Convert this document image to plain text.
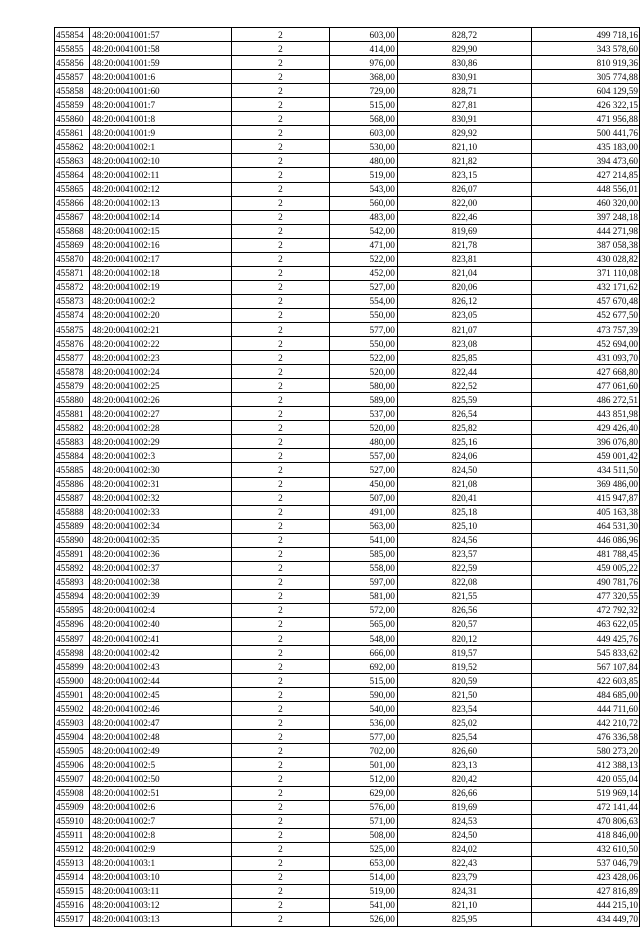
455854	48:20:0041001:57	2	603,00	828,72	499 718,16
455855	48:20:0041001:58	2	414,00	829,90	343 578,60
455856	48:20:0041001:59	2	976,00	830,86	810 919,36
455857	48:20:0041001:6	2	368,00	830,91	305 774,88
455858	48:20:0041001:60	2	729,00	828,71	604 129,59
455859	48:20:0041001:7	2	515,00	827,81	426 322,15
455860	48:20:0041001:8	2	568,00	830,91	471 956,88
455861	48:20:0041001:9	2	603,00	829,92	500 441,76
455862	48:20:0041002:1	2	530,00	821,10	435 183,00
455863	48:20:0041002:10	2	480,00	821,82	394 473,60
455864	48:20:0041002:11	2	519,00	823,15	427 214,85
455865	48:20:0041002:12	2	543,00	826,07	448 556,01
455866	48:20:0041002:13	2	560,00	822,00	460 320,00
455867	48:20:0041002:14	2	483,00	822,46	397 248,18
455868	48:20:0041002:15	2	542,00	819,69	444 271,98
455869	48:20:0041002:16	2	471,00	821,78	387 058,38
455870	48:20:0041002:17	2	522,00	823,81	430 028,82
455871	48:20:0041002:18	2	452,00	821,04	371 110,08
455872	48:20:0041002:19	2	527,00	820,06	432 171,62
455873	48:20:0041002:2	2	554,00	826,12	457 670,48
455874	48:20:0041002:20	2	550,00	823,05	452 677,50
455875	48:20:0041002:21	2	577,00	821,07	473 757,39
455876	48:20:0041002:22	2	550,00	823,08	452 694,00
455877	48:20:0041002:23	2	522,00	825,85	431 093,70
455878	48:20:0041002:24	2	520,00	822,44	427 668,80
455879	48:20:0041002:25	2	580,00	822,52	477 061,60
455880	48:20:0041002:26	2	589,00	825,59	486 272,51
455881	48:20:0041002:27	2	537,00	826,54	443 851,98
455882	48:20:0041002:28	2	520,00	825,82	429 426,40
455883	48:20:0041002:29	2	480,00	825,16	396 076,80
455884	48:20:0041002:3	2	557,00	824,06	459 001,42
455885	48:20:0041002:30	2	527,00	824,50	434 511,50
455886	48:20:0041002:31	2	450,00	821,08	369 486,00
455887	48:20:0041002:32	2	507,00	820,41	415 947,87
455888	48:20:0041002:33	2	491,00	825,18	405 163,38
455889	48:20:0041002:34	2	563,00	825,10	464 531,30
455890	48:20:0041002:35	2	541,00	824,56	446 086,96
455891	48:20:0041002:36	2	585,00	823,57	481 788,45
455892	48:20:0041002:37	2	558,00	822,59	459 005,22
455893	48:20:0041002:38	2	597,00	822,08	490 781,76
455894	48:20:0041002:39	2	581,00	821,55	477 320,55
455895	48:20:0041002:4	2	572,00	826,56	472 792,32
455896	48:20:0041002:40	2	565,00	820,57	463 622,05
455897	48:20:0041002:41	2	548,00	820,12	449 425,76
455898	48:20:0041002:42	2	666,00	819,57	545 833,62
455899	48:20:0041002:43	2	692,00	819,52	567 107,84
455900	48:20:0041002:44	2	515,00	820,59	422 603,85
455901	48:20:0041002:45	2	590,00	821,50	484 685,00
455902	48:20:0041002:46	2	540,00	823,54	444 711,60
455903	48:20:0041002:47	2	536,00	825,02	442 210,72
455904	48:20:0041002:48	2	577,00	825,54	476 336,58
455905	48:20:0041002:49	2	702,00	826,60	580 273,20
455906	48:20:0041002:5	2	501,00	823,13	412 388,13
455907	48:20:0041002:50	2	512,00	820,42	420 055,04
455908	48:20:0041002:51	2	629,00	826,66	519 969,14
455909	48:20:0041002:6	2	576,00	819,69	472 141,44
455910	48:20:0041002:7	2	571,00	824,53	470 806,63
455911	48:20:0041002:8	2	508,00	824,50	418 846,00
455912	48:20:0041002:9	2	525,00	824,02	432 610,50
455913	48:20:0041003:1	2	653,00	822,43	537 046,79
455914	48:20:0041003:10	2	514,00	823,79	423 428,06
455915	48:20:0041003:11	2	519,00	824,31	427 816,89
455916	48:20:0041003:12	2	541,00	821,10	444 215,10
455917	48:20:0041003:13	2	526,00	825,95	434 449,70
